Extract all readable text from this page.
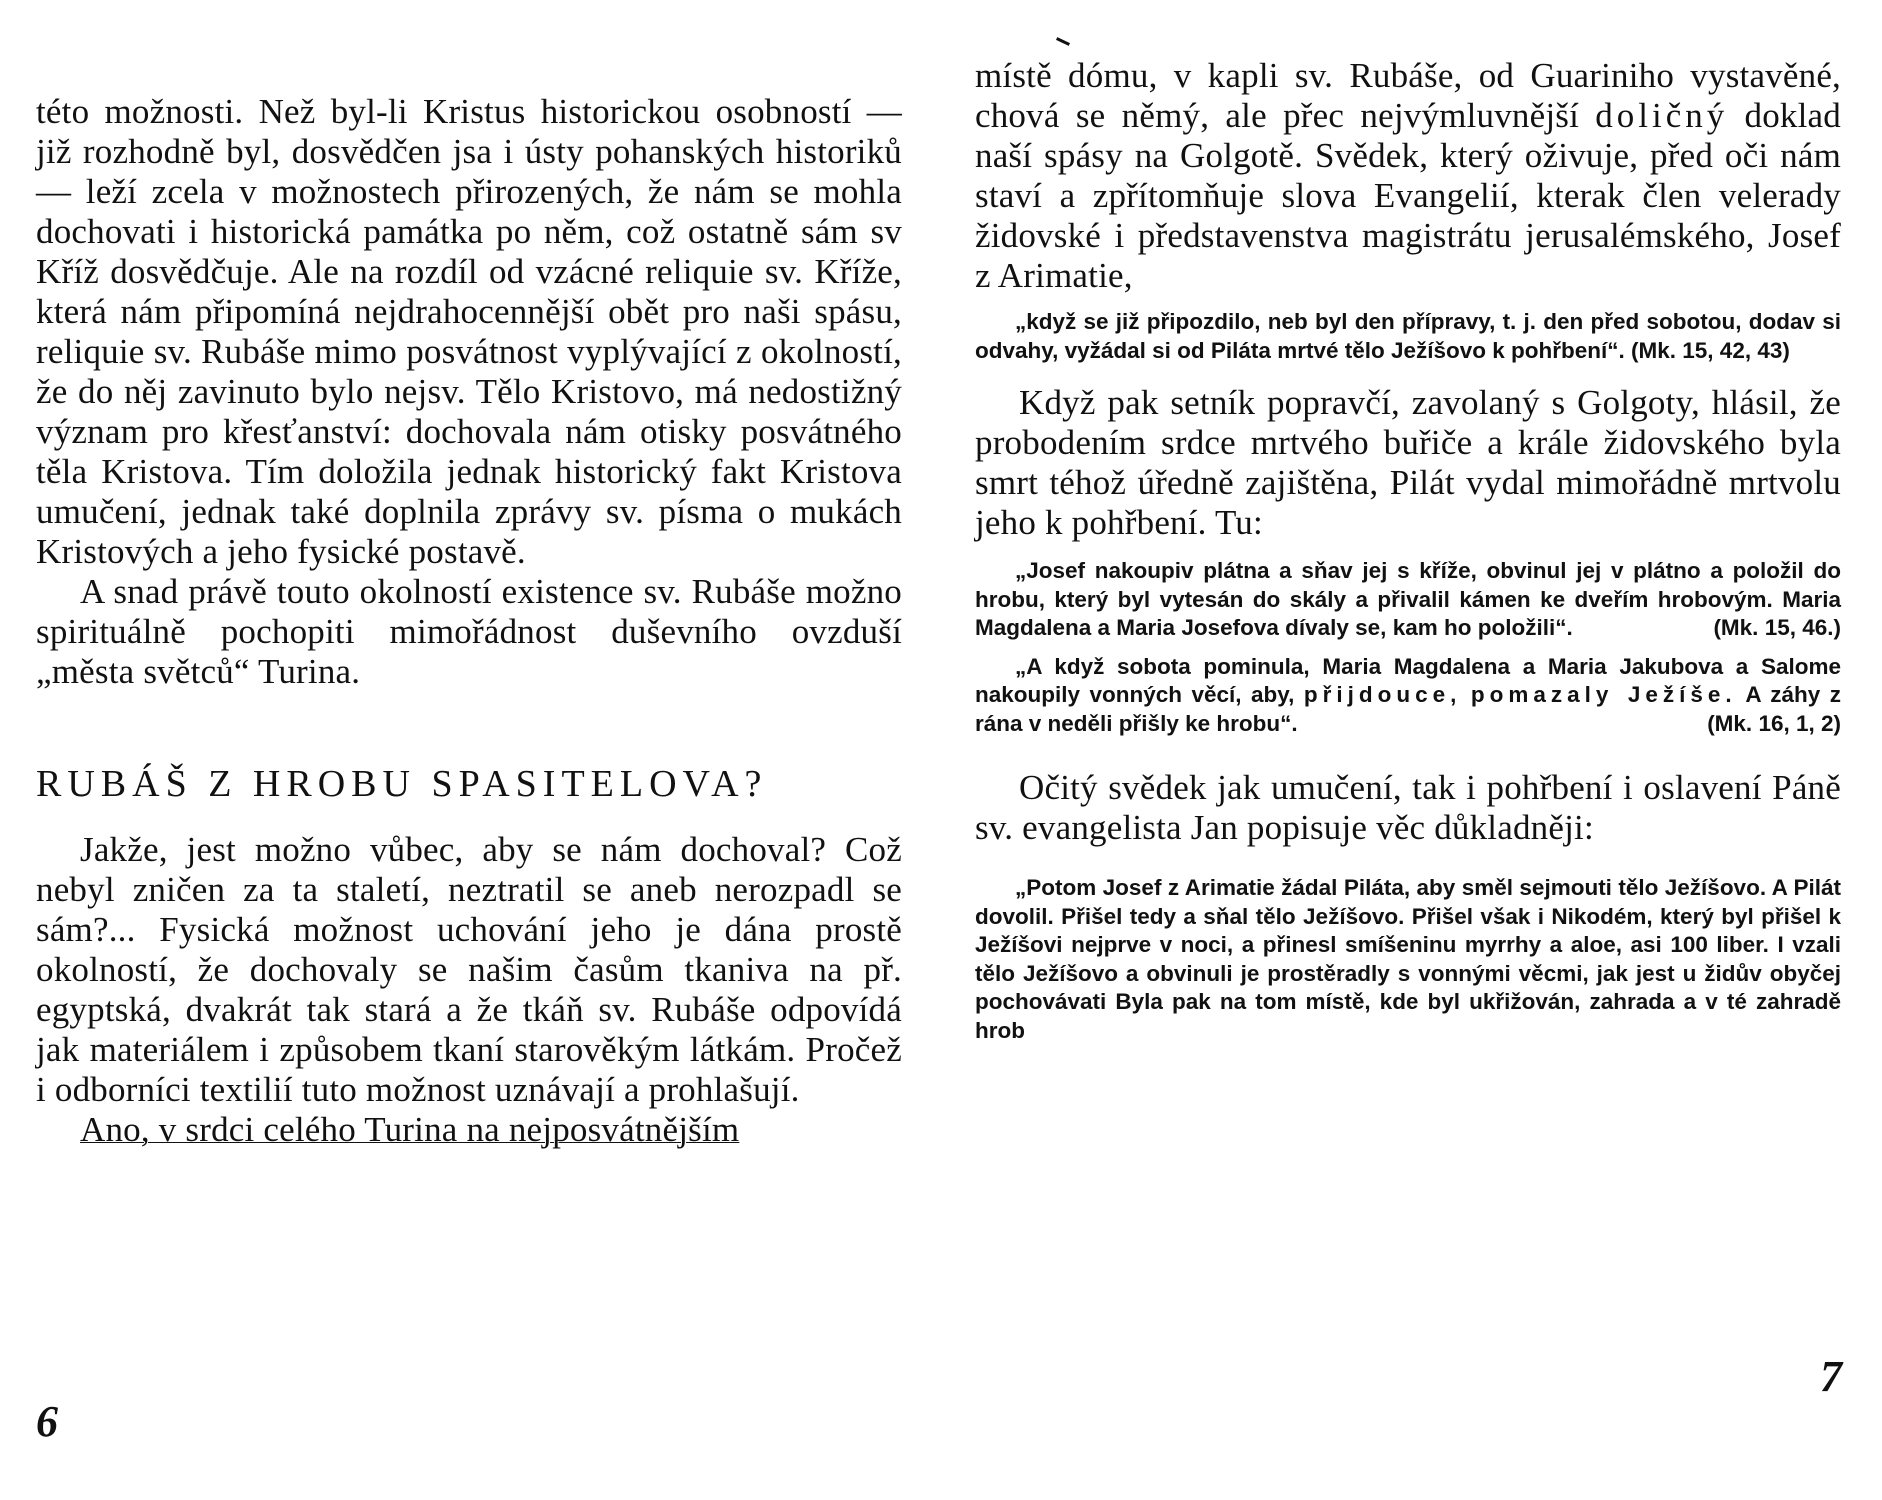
této možnosti. Než byl-li Kristus historickou osobností — již rozhodně byl, dosvědčen jsa i ústy pohanských historiků — leží zcela v možnostech přirozených, že nám se mohla dochovati i historická památka po něm, což ostatně sám sv Kříž dosvědčuje. Ale na rozdíl od vzácné reliquie sv. Kříže, která nám připomíná nejdrahocennější obět pro naši spásu, reliquie sv. Rubáše mimo posvátnost vyplývající z okolností, že do něj zavinuto bylo nejsv. Tělo Kristovo, má nedostižný význam pro křesťanství: dochovala nám otisky posvátného těla Kristova. Tím doložila jednak historický fakt Kristova umučení, jednak také doplnila zprávy sv. písma o mukách Kristových a jeho fysické postavě.

A snad právě touto okolností existence sv. Rubáše možno spirituálně pochopiti mimořádnost duševního ovzduší „města světců“ Turina.

RUBÁŠ Z HROBU SPASITELOVA?

Jakže, jest možno vůbec, aby se nám dochoval? Což nebyl zničen za ta staletí, neztratil se aneb nerozpadl se sám?... Fysická možnost uchování jeho je dána prostě okolností, že dochovaly se našim časům tkaniva na př. egyptská, dvakrát tak stará a že tkáň sv. Rubáše odpovídá jak materiálem i způsobem tkaní starověkým látkám. Pročež i odborníci textilií tuto možnost uznávají a prohlašují.

Ano, v srdci celého Turina na nejposvátnějším

6

místě dómu, v kapli sv. Rubáše, od Guariniho vystavěné, chová se němý, ale přec nejvýmluvnější doličný doklad naší spásy na Golgotě. Svědek, který oživuje, před oči nám staví a zpřítomňuje slova Evangelií, kterak člen velerady židovské i představenstva magistrátu jerusalémského, Josef z Arimatie,

„když se již připozdilo, neb byl den přípravy, t. j. den před sobotou, dodav si odvahy, vyžádal si od Piláta mrtvé tělo Ježíšovo k pohřbení“. (Mk. 15, 42, 43)

Když pak setník popravčí, zavolaný s Golgoty, hlásil, že probodením srdce mrtvého buřiče a krále židovského byla smrt téhož úředně zajištěna, Pilát vydal mimořádně mrtvolu jeho k pohřbení. Tu:

„Josef nakoupiv plátna a sňav jej s kříže, obvinul jej v plátno a položil do hrobu, který byl vytesán do skály a přivalil kámen ke dveřím hrobovým. Maria Magdalena a Maria Josefova dívaly se, kam ho položili“.	(Mk. 15, 46.)

„A když sobota pominula, Maria Magdalena a Maria Jakubova a Salome nakoupily vonných věcí, aby, přijdouce, pomazaly Ježíše. A záhy z rána v neděli přišly ke hrobu“.	(Mk. 16, 1, 2)

Očitý svědek jak umučení, tak i pohřbení i oslavení Páně sv. evangelista Jan popisuje věc důkladněji:

„Potom Josef z Arimatie žádal Piláta, aby směl sejmouti tělo Ježíšovo. A Pilát dovolil. Přišel tedy a sňal tělo Ježíšovo. Přišel však i Nikodém, který byl přišel k Ježíšovi nejprve v noci, a přinesl smíšeninu myrrhy a aloe, asi 100 liber. I vzali tělo Ježíšovo a obvinuli je prostěradly s vonnými věcmi, jak jest u židův obyčej pochovávati Byla pak na tom místě, kde byl ukřižován, zahrada a v té zahradě hrob

7
